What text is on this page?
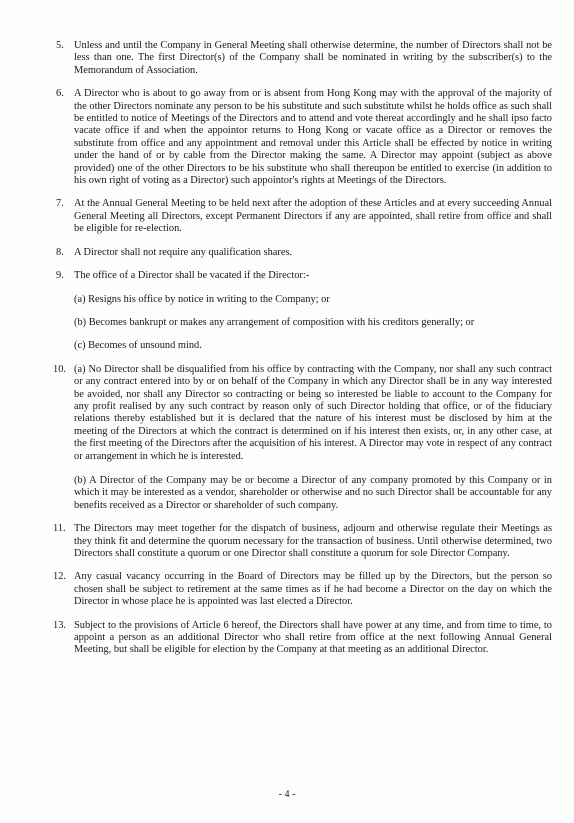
5. Unless and until the Company in General Meeting shall otherwise determine, the number of Directors shall not be less than one. The first Director(s) of the Company shall be nominated in writing by the subscriber(s) to the Memorandum of Association.

6. A Director who is about to go away from or is absent from Hong Kong may with the approval of the majority of the other Directors nominate any person to be his substitute and such substitute whilst he holds office as such shall be entitled to notice of Meetings of the Directors and to attend and vote thereat accordingly and he shall ipso facto vacate office if and when the appointor returns to Hong Kong or vacate office as a Director or removes the substitute from office and any appointment and removal under this Article shall be effected by notice in writing under the hand of or by cable from the Director making the same. A Director may appoint (subject as above provided) one of the other Directors to be his substitute who shall thereupon be entitled to exercise (in addition to his own right of voting as a Director) such appointor's rights at Meetings of the Directors.

7. At the Annual General Meeting to be held next after the adoption of these Articles and at every succeeding Annual General Meeting all Directors, except Permanent Directors if any are appointed, shall retire from office and shall be eligible for re-election.

8. A Director shall not require any qualification shares.

9. The office of a Director shall be vacated if the Director:-

(a) Resigns his office by notice in writing to the Company; or

(b) Becomes bankrupt or makes any arrangement of composition with his creditors generally; or

(c) Becomes of unsound mind.

10. (a) No Director shall be disqualified from his office by contracting with the Company, nor shall any such contract or any contract entered into by or on behalf of the Company in which any Director shall be in any way interested be avoided, nor shall any Director so contracting or being so interested be liable to account to the Company for any profit realised by any such contract by reason only of such Director holding that office, or of the fiduciary relations thereby established but it is declared that the nature of his interest must be disclosed by him at the meeting of the Directors at which the contract is determined on if his interest then exists, or, in any other case, at the first meeting of the Directors after the acquisition of his interest. A Director may vote in respect of any contract or arrangement in which he is interested.

(b) A Director of the Company may be or become a Director of any company promoted by this Company or in which it may be interested as a vendor, shareholder or otherwise and no such Director shall be accountable for any benefits received as a Director or shareholder of such company.

11. The Directors may meet together for the dispatch of business, adjourn and otherwise regulate their Meetings as they think fit and determine the quorum necessary for the transaction of business. Until otherwise determined, two Directors shall constitute a quorum or one Director shall constitute a quorum for sole Director Company.

12. Any casual vacancy occurring in the Board of Directors may be filled up by the Directors, but the person so chosen shall be subject to retirement at the same times as if he had become a Director on the day on which the Director in whose place he is appointed was last elected a Director.

13. Subject to the provisions of Article 6 hereof, the Directors shall have power at any time, and from time to time, to appoint a person as an additional Director who shall retire from office at the next following Annual General Meeting, but shall be eligible for election by the Company at that meeting as an additional Director.

- 4 -
